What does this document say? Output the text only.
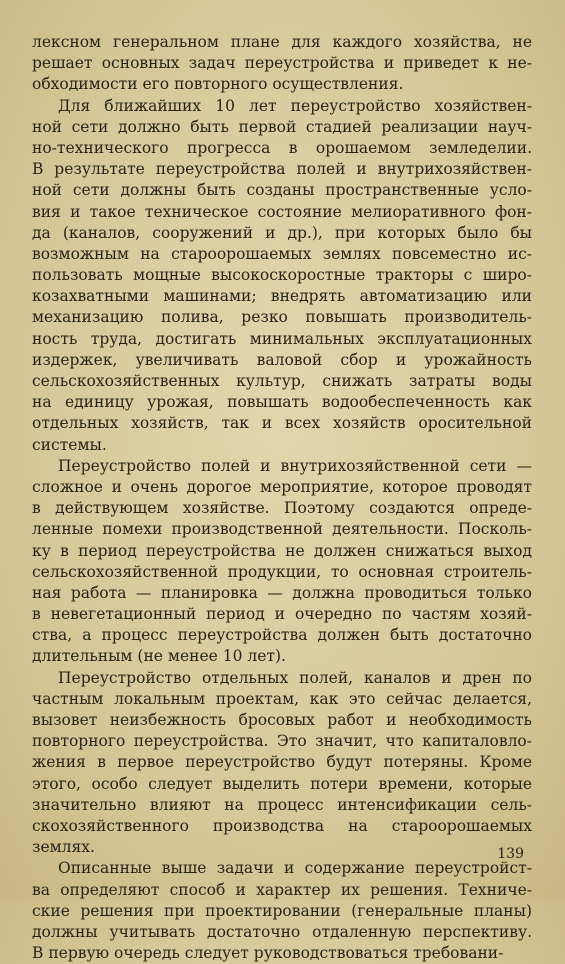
лексном генеральном плане для каждого хозяйства, не
решает основных задач переустройства и приведет к не-
обходимости его повторного осуществления.
Для ближайших 10 лет переустройство хозяйствен-
ной сети должно быть первой стадией реализации науч-
но-технического прогресса в орошаемом земледелии.
В результате переустройства полей и внутрихозяйствен-
ной сети должны быть созданы пространственные усло-
вия и такое техническое состояние мелиоративного фон-
да (каналов, сооружений и др.), при которых было бы
возможным на староорошаемых землях повсеместно ис-
пользовать мощные высокоскоростные тракторы с широ-
козахватными машинами; внедрять автоматизацию или
механизацию полива, резко повышать производитель-
ность труда, достигать минимальных эксплуатационных
издержек, увеличивать валовой сбор и урожайность
сельскохозяйственных культур, снижать затраты воды
на единицу урожая, повышать водообеспеченность как
отдельных хозяйств, так и всех хозяйств оросительной
системы.
Переустройство полей и внутрихозяйственной сети —
сложное и очень дорогое мероприятие, которое проводят
в действующем хозяйстве. Поэтому создаются опреде-
ленные помехи производственной деятельности. Посколь-
ку в период переустройства не должен снижаться выход
сельскохозяйственной продукции, то основная строитель-
ная работа — планировка — должна проводиться только
в невегетационный период и очередно по частям хозяй-
ства, а процесс переустройства должен быть достаточно
длительным (не менее 10 лет).
Переустройство отдельных полей, каналов и дрен по
частным локальным проектам, как это сейчас делается,
вызовет неизбежность бросовых работ и необходимость
повторного переустройства. Это значит, что капиталовло-
жения в первое переустройство будут потеряны. Кроме
этого, особо следует выделить потери времени, которые
значительно влияют на процесс интенсификации сель-
скохозяйственного производства на староорошаемых
землях.
Описанные выше задачи и содержание переустройст-
ва определяют способ и характер их решения. Техниче-
ские решения при проектировании (генеральные планы)
должны учитывать достаточно отдаленную перспективу.
В первую очередь следует руководствоваться требовани-
139
